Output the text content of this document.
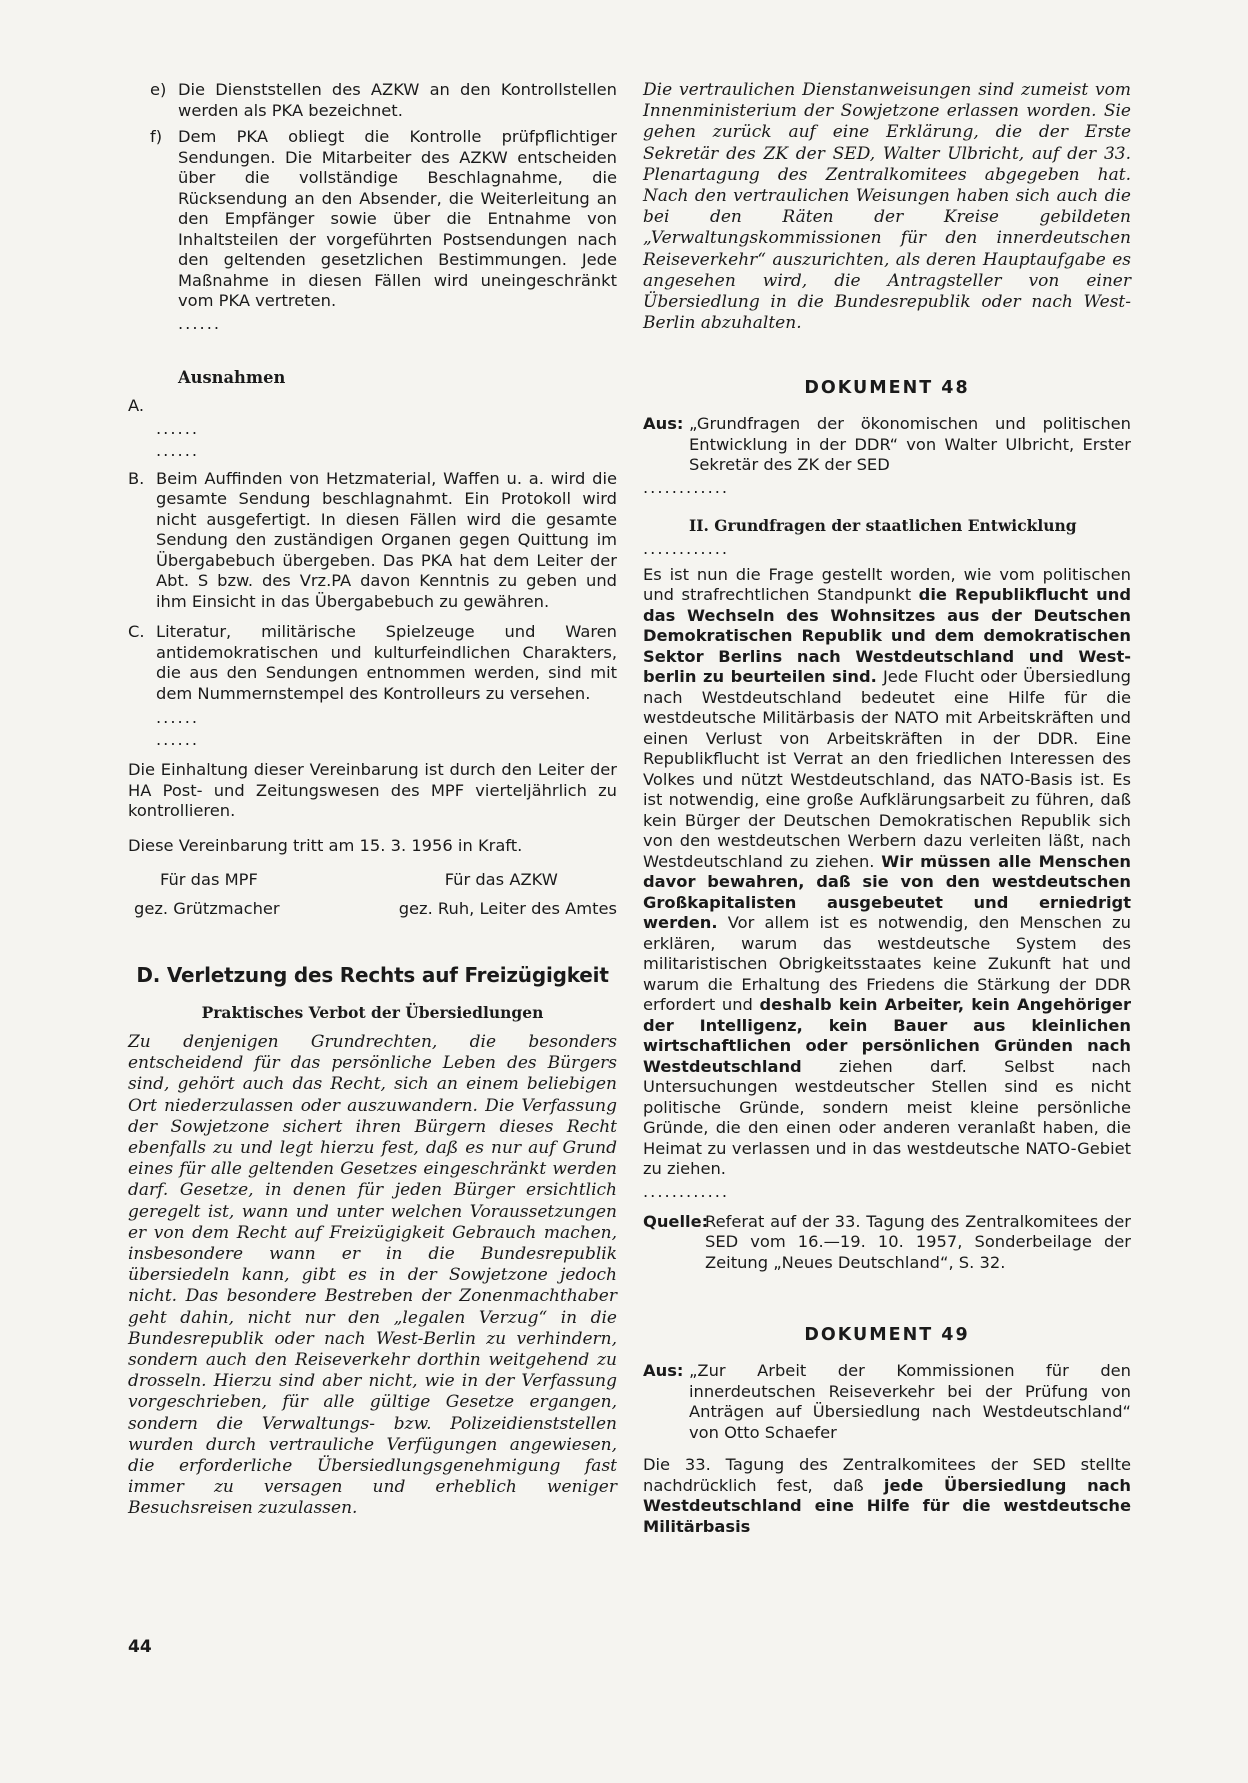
e) Die Dienststellen des AZKW an den Kontrollstellen werden als PKA bezeichnet.
f) Dem PKA obliegt die Kontrolle prüfpflichtiger Sendungen. Die Mitarbeiter des AZKW entscheiden über die vollständige Beschlagnahme, die Rücksendung an den Absender, die Weiterleitung an den Empfänger sowie über die Entnahme von Inhaltsteilen der vorgeführten Postsendungen nach den geltenden gesetzlichen Bestimmungen. Jede Maßnahme in diesen Fällen wird uneingeschränkt vom PKA vertreten.

......

Ausnahmen

A.

......

......

B. Beim Auffinden von Hetzmaterial, Waffen u. a. wird die gesamte Sendung beschlagnahmt. Ein Protokoll wird nicht ausgefertigt. In diesen Fällen wird die gesamte Sendung den zuständigen Organen gegen Quittung im Übergabebuch übergeben. Das PKA hat dem Leiter der Abt. S bzw. des Vrz.PA davon Kenntnis zu geben und ihm Einsicht in das Übergabebuch zu gewähren.
C. Literatur, militärische Spielzeuge und Waren antidemokratischen und kulturfeindlichen Charakters, die aus den Sendungen entnommen werden, sind mit dem Nummernstempel des Kontrolleurs zu versehen.

......

......

Die Einhaltung dieser Vereinbarung ist durch den Leiter der HA Post- und Zeitungswesen des MPF vierteljährlich zu kontrollieren.

Diese Vereinbarung tritt am 15. 3. 1956 in Kraft.

Für das MPF

gez. Grützmacher

Für das AZKW

gez. Ruh, Leiter des Amtes

D. Verletzung des Rechts auf Freizügigkeit

Praktisches Verbot der Übersiedlungen

Zu denjenigen Grundrechten, die besonders entscheidend für das persönliche Leben des Bürgers sind, gehört auch das Recht, sich an einem beliebigen Ort niederzulassen oder auszuwandern. Die Verfassung der Sowjetzone sichert ihren Bürgern dieses Recht ebenfalls zu und legt hierzu fest, daß es nur auf Grund eines für alle geltenden Gesetzes eingeschränkt werden darf. Gesetze, in denen für jeden Bürger ersichtlich geregelt ist, wann und unter welchen Voraussetzungen er von dem Recht auf Freizügigkeit Gebrauch machen, insbesondere wann er in die Bundesrepublik übersiedeln kann, gibt es in der Sowjetzone jedoch nicht. Das besondere Bestreben der Zonenmachthaber geht dahin, nicht nur den „legalen Verzug“ in die Bundesrepublik oder nach West-Berlin zu verhindern, sondern auch den Reiseverkehr dorthin weitgehend zu drosseln. Hierzu sind aber nicht, wie in der Verfassung vorgeschrieben, für alle gültige Gesetze ergangen, sondern die Verwaltungs- bzw. Polizeidienststellen wurden durch vertrauliche Verfügungen angewiesen, die erforderliche Übersiedlungsgenehmigung fast immer zu versagen und erheblich weniger Besuchsreisen zuzulassen.

Die vertraulichen Dienstanweisungen sind zumeist vom Innenministerium der Sowjetzone erlassen worden. Sie gehen zurück auf eine Erklärung, die der Erste Sekretär des ZK der SED, Walter Ulbricht, auf der 33. Plenartagung des Zentralkomitees abgegeben hat. Nach den vertraulichen Weisungen haben sich auch die bei den Räten der Kreise gebildeten „Verwaltungskommissionen für den innerdeutschen Reiseverkehr“ auszurichten, als deren Hauptaufgabe es angesehen wird, die Antragsteller von einer Übersiedlung in die Bundesrepublik oder nach West-Berlin abzuhalten.

DOKUMENT 48

Aus: „Grundfragen der ökonomischen und politischen Entwicklung in der DDR“ von Walter Ulbricht, Erster Sekretär des ZK der SED

............

II. Grundfragen der staatlichen Entwicklung

............

Es ist nun die Frage gestellt worden, wie vom politischen und strafrechtlichen Standpunkt die Republikflucht und das Wechseln des Wohnsitzes aus der Deutschen Demokratischen Republik und dem demokratischen Sektor Berlins nach Westdeutschland und West-berlin zu beurteilen sind. Jede Flucht oder Übersiedlung nach Westdeutschland bedeutet eine Hilfe für die westdeutsche Militärbasis der NATO mit Arbeitskräften und einen Verlust von Arbeitskräften in der DDR. Eine Republikflucht ist Verrat an den friedlichen Interessen des Volkes und nützt Westdeutschland, das NATO-Basis ist. Es ist notwendig, eine große Aufklärungsarbeit zu führen, daß kein Bürger der Deutschen Demokratischen Republik sich von den westdeutschen Werbern dazu verleiten läßt, nach Westdeutschland zu ziehen. Wir müssen alle Menschen davor bewahren, daß sie von den westdeutschen Großkapitalisten ausgebeutet und erniedrigt werden. Vor allem ist es notwendig, den Menschen zu erklären, warum das westdeutsche System des militaristischen Obrigkeitsstaates keine Zukunft hat und warum die Erhaltung des Friedens die Stärkung der DDR erfordert und deshalb kein Arbeiter, kein Angehöriger der Intelligenz, kein Bauer aus kleinlichen wirtschaftlichen oder persönlichen Gründen nach Westdeutschland ziehen darf. Selbst nach Untersuchungen westdeutscher Stellen sind es nicht politische Gründe, sondern meist kleine persönliche Gründe, die den einen oder anderen veranlaßt haben, die Heimat zu verlassen und in das westdeutsche NATO-Gebiet zu ziehen.

............

Quelle:
Referat auf der 33. Tagung des Zentralkomitees der SED vom 16.—19. 10. 1957, Sonderbeilage der Zeitung „Neues Deutschland“, S. 32.

DOKUMENT 49

Aus: „Zur Arbeit der Kommissionen für den innerdeutschen Reiseverkehr bei der Prüfung von Anträgen auf Übersiedlung nach Westdeutschland“ von Otto Schaefer

Die 33. Tagung des Zentralkomitees der SED stellte nachdrücklich fest, daß jede Übersiedlung nach Westdeutschland eine Hilfe für die westdeutsche Militärbasis

44
